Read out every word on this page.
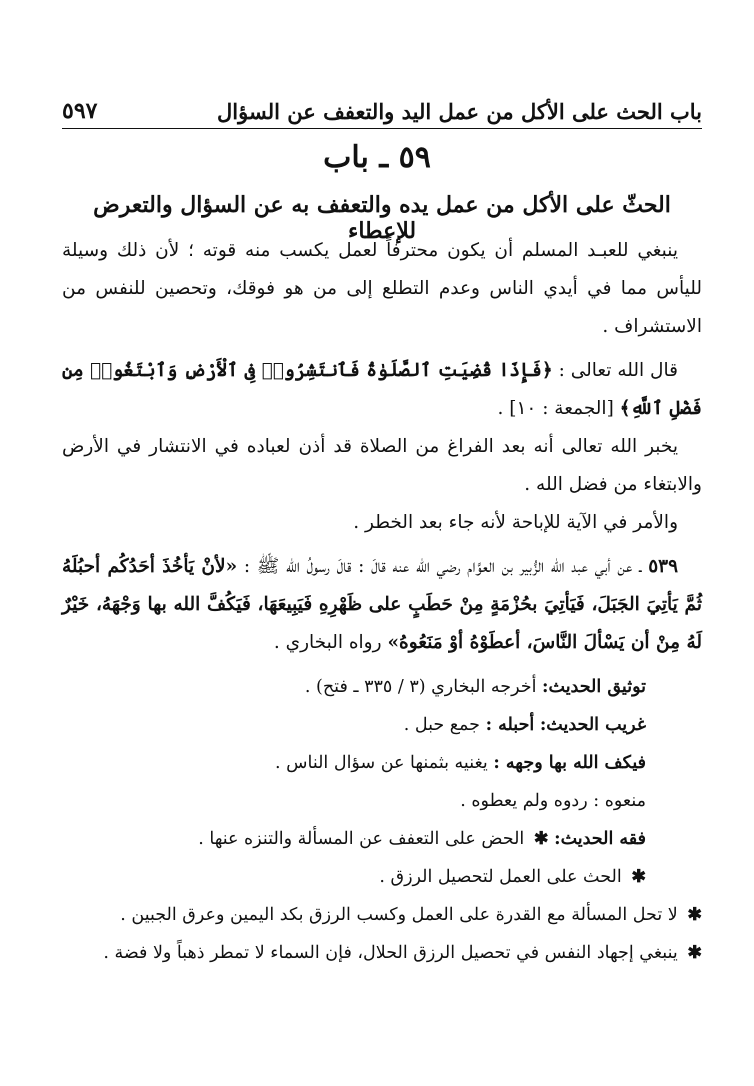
٥٩٧	باب الحث على الأكل من عمل اليد والتعفف عن السؤال
٥٩ ـ باب
الحثّ على الأكل من عمل يده والتعفف به عن السؤال والتعرض للإعطاء

ينبغي للعبـد المسلم أن يكون محترفاً لعمل يكسب منه قوته ؛ لأن ذلك وسيلة لليأس مما في أيدي الناس وعدم التطلع إلى من هو فوقك، وتحصين للنفس من الاستشراف .

قال الله تعالى : ﴿فَإِذَا قُضِيَتِ ٱلصَّلَوٰةُ فَٱنتَشِرُوا۟ فِى ٱلْأَرْضِ وَٱبْتَغُوا۟ مِن فَضْلِ ٱللَّهِ﴾ [الجمعة : ١٠] .

يخبر الله تعالى أنه بعد الفراغ من الصلاة قد أذن لعباده في الانتشار في الأرض والابتغاء من فضل الله .

والأمر في الآية للإباحة لأنه جاء بعد الخطر .

٥٣٩ ـ عن أبي عبد الله الزُّبير بن العوَّام رضي الله عنه قالَ : قالَ رسولُ الله ﷺ : «لأنْ يَأخُذَ أحَدُكُم أحبُلَهُ ثُمَّ يَأتِيَ الجَبَلَ، فَيَأتِيَ بحُزْمَةٍ مِنْ حَطَبٍ على ظَهْرِهِ فَيَبِيعَهَا، فَيَكُفَّ الله بها وَجْهَهُ، خَيْرٌ لَهُ مِنْ أن يَسْألَ النَّاسَ، أعطَوْهُ أوْ مَنَعُوهُ» رواه البخاري .

توثيق الحديث: أخرجه البخاري (٣ / ٣٣٥ ـ فتح) .

غريب الحديث: أحبله : جمع حبل .

فيكف الله بها وجهه : يغنيه بثمنها عن سؤال الناس .

منعوه : ردوه ولم يعطوه .

فقه الحديث: ✱ الحض على التعفف عن المسألة والتنزه عنها .

✱ الحث على العمل لتحصيل الرزق .

✱ لا تحل المسألة مع القدرة على العمل وكسب الرزق بكد اليمين وعرق الجبين .

✱ ينبغي إجهاد النفس في تحصيل الرزق الحلال، فإن السماء لا تمطر ذهباً ولا فضة .
